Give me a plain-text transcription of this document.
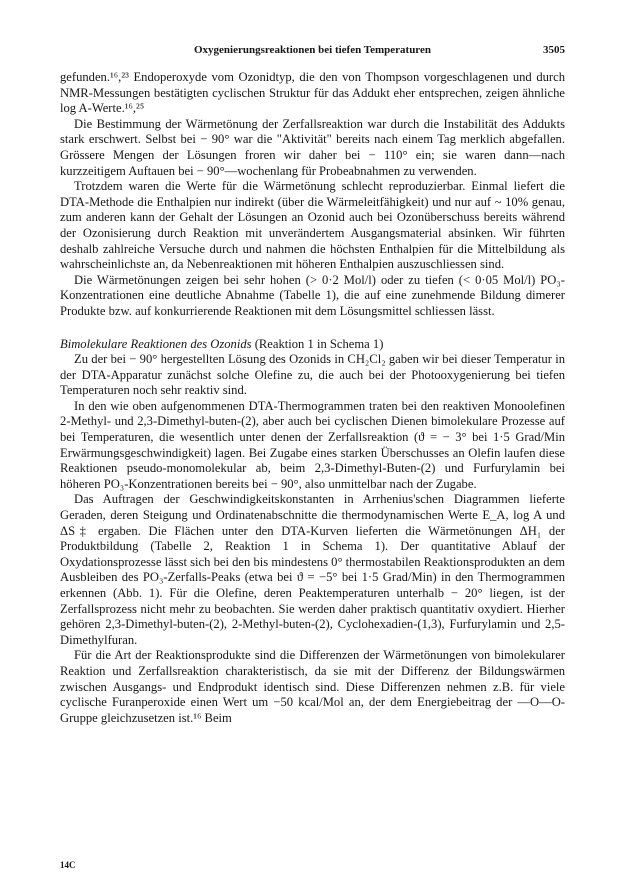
Oxygenierungsreaktionen bei tiefen Temperaturen	3505

gefunden.¹⁶,²³ Endoperoxyde vom Ozonidtyp, die den von Thompson vorgeschlagenen und durch NMR-Messungen bestätigten cyclischen Struktur für das Addukt eher entsprechen, zeigen ähnliche log A-Werte.¹⁶,²⁵

Die Bestimmung der Wärmetönung der Zerfallsreaktion war durch die Instabilität des Addukts stark erschwert. Selbst bei − 90° war die "Aktivität" bereits nach einem Tag merklich abgefallen. Grössere Mengen der Lösungen froren wir daher bei − 110° ein; sie waren dann—nach kurzzeitigem Auftauen bei − 90°—wochenlang für Probeabnahmen zu verwenden.

Trotzdem waren die Werte für die Wärmetönung schlecht reproduzierbar. Einmal liefert die DTA-Methode die Enthalpien nur indirekt (über die Wärmeleitfähigkeit) und nur auf ~ 10% genau, zum anderen kann der Gehalt der Lösungen an Ozonid auch bei Ozonüberschuss bereits während der Ozonisierung durch Reaktion mit unverändertem Ausgangsmaterial absinken. Wir führten deshalb zahlreiche Versuche durch und nahmen die höchsten Enthalpien für die Mittelbildung als wahrscheinlichste an, da Nebenreaktionen mit höheren Enthalpien auszuschliessen sind.

Die Wärmetönungen zeigen bei sehr hohen (> 0·2 Mol/l) oder zu tiefen (< 0·05 Mol/l) PO₃-Konzentrationen eine deutliche Abnahme (Tabelle 1), die auf eine zunehmende Bildung dimerer Produkte bzw. auf konkurrierende Reaktionen mit dem Lösungsmittel schliessen lässt.

Bimolekulare Reaktionen des Ozonids (Reaktion 1 in Schema 1)

Zu der bei − 90° hergestellten Lösung des Ozonids in CH₂Cl₂ gaben wir bei dieser Temperatur in der DTA-Apparatur zunächst solche Olefine zu, die auch bei der Photooxygenierung bei tiefen Temperaturen noch sehr reaktiv sind.

In den wie oben aufgenommenen DTA-Thermogrammen traten bei den reaktiven Monoolefinen 2-Methyl- und 2,3-Dimethyl-buten-(2), aber auch bei cyclischen Dienen bimolekulare Prozesse auf bei Temperaturen, die wesentlich unter denen der Zerfallsreaktion (ϑ = − 3° bei 1·5 Grad/Min Erwärmungsgeschwindigkeit) lagen. Bei Zugabe eines starken Überschusses an Olefin laufen diese Reaktionen pseudo-monomolekular ab, beim 2,3-Dimethyl-Buten-(2) und Furfurylamin bei höheren PO₃-Konzentrationen bereits bei − 90°, also unmittelbar nach der Zugabe.

Das Auftragen der Geschwindigkeitskonstanten in Arrhenius'schen Diagrammen lieferte Geraden, deren Steigung und Ordinatenabschnitte die thermodynamischen Werte E_A, log A und ΔS‡ ergaben. Die Flächen unter den DTA-Kurven lieferten die Wärmetönungen ΔH₁ der Produktbildung (Tabelle 2, Reaktion 1 in Schema 1). Der quantitative Ablauf der Oxydationsprozesse lässt sich bei den bis mindestens 0° thermostabilen Reaktionsprodukten an dem Ausbleiben des PO₃-Zerfalls-Peaks (etwa bei ϑ = −5° bei 1·5 Grad/Min) in den Thermogrammen erkennen (Abb. 1). Für die Olefine, deren Peaktemperaturen unterhalb − 20° liegen, ist der Zerfallsprozess nicht mehr zu beobachten. Sie werden daher praktisch quantitativ oxydiert. Hierher gehören 2,3-Dimethyl-buten-(2), 2-Methyl-buten-(2), Cyclohexadien-(1,3), Furfurylamin und 2,5-Dimethylfuran.

Für die Art der Reaktionsprodukte sind die Differenzen der Wärmetönungen von bimolekularer Reaktion und Zerfallsreaktion charakteristisch, da sie mit der Differenz der Bildungswärmen zwischen Ausgangs- und Endprodukt identisch sind. Diese Differenzen nehmen z.B. für viele cyclische Furanperoxide einen Wert um −50 kcal/Mol an, der dem Energiebeitrag der —O—O-Gruppe gleichzusetzen ist.¹⁶ Beim

14C
